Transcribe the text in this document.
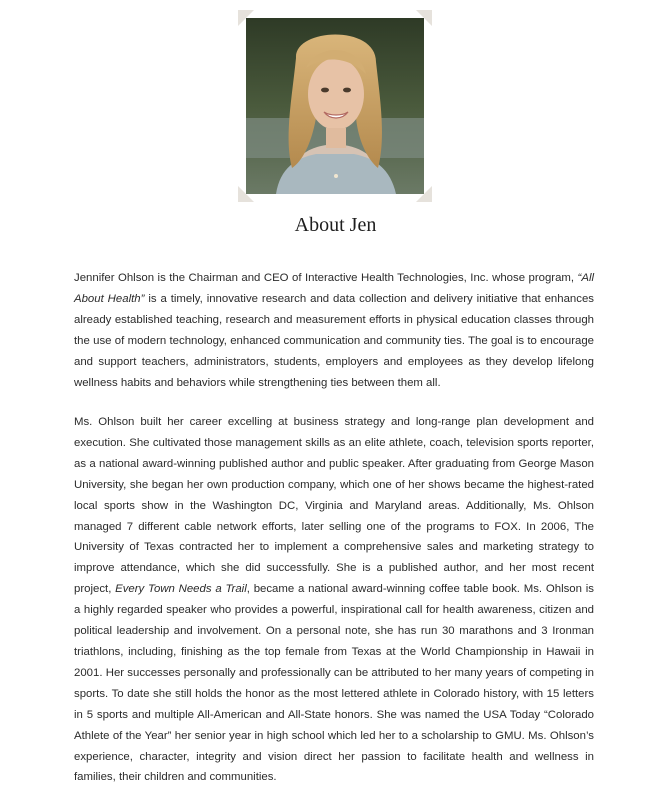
About Jen

Jennifer Ohlson is the Chairman and CEO of Interactive Health Technologies, Inc. whose program, “All About Health” is a timely, innovative research and data collection and delivery initiative that enhances already established teaching, research and measurement efforts in physical education classes through the use of modern technology, enhanced communication and community ties. The goal is to encourage and support teachers, administrators, students, employers and employees as they develop lifelong wellness habits and behaviors while strengthening ties between them all.

Ms. Ohlson built her career excelling at business strategy and long-range plan development and execution. She cultivated those management skills as an elite athlete, coach, television sports reporter, as a national award-winning published author and public speaker. After graduating from George Mason University, she began her own production company, which one of her shows became the highest-rated local sports show in the Washington DC, Virginia and Maryland areas. Additionally, Ms. Ohlson managed 7 different cable network efforts, later selling one of the programs to FOX. In 2006, The University of Texas contracted her to implement a comprehensive sales and marketing strategy to improve attendance, which she did successfully. She is a published author, and her most recent project, Every Town Needs a Trail, became a national award-winning coffee table book. Ms. Ohlson is a highly regarded speaker who provides a powerful, inspirational call for health awareness, citizen and political leadership and involvement. On a personal note, she has run 30 marathons and 3 Ironman triathlons, including, finishing as the top female from Texas at the World Championship in Hawaii in 2001. Her successes personally and professionally can be attributed to her many years of competing in sports. To date she still holds the honor as the most lettered athlete in Colorado history, with 15 letters in 5 sports and multiple All-American and All-State honors. She was named the USA Today “Colorado Athlete of the Year” her senior year in high school which led her to a scholarship to GMU. Ms. Ohlson’s experience, character, integrity and vision direct her passion to facilitate health and wellness in families, their children and communities.
